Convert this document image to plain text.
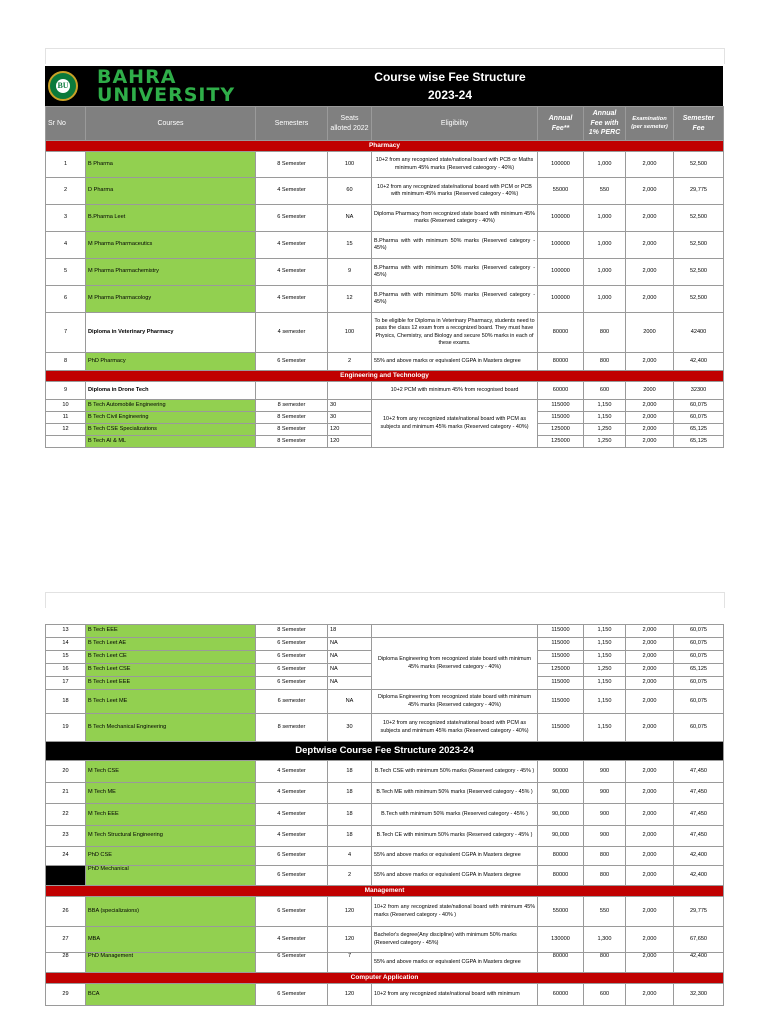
BU BAHRA
UNIVERSITY
Course wise Fee Structure
2023-24
Sr No	Courses	Semesters	Seats alloted 2022	Eligibility	Annual Fee**	Annual Fee with 1% PERC	Examination (per semeter)	Semester Fee
Pharmacy								
1	B Pharma	8 Semester	100	10+2 from any recognized state/national board with PCB or Maths minimum 45% marks (Reserved cateogory - 40%)	100000	1,000	2,000	52,500
2	D Pharma	4 Semester	60	10+2 from any recognized state/national board with PCM or PCB with minimum 45% marks (Reserved category - 40%)	55000	550	2,000	29,775
3	B.Pharma Leet	6 Semester	NA	Diploma Pharmacy from recognized state board with minimum 45% marks (Reserved category - 40%)	100000	1,000	2,000	52,500
4	M Pharma Pharmaceutics	4 Semester	15	B.Pharma with with minimum 50% marks (Reserved category - 45%)	100000	1,000	2,000	52,500
5	M Pharma Pharmachemistry	4 Semester	9	B.Pharma with with minimum 50% marks (Reserved category - 45%)	100000	1,000	2,000	52,500
6	M Pharma Pharmacology	4 Semester	12	B.Pharma with with minimum 50% marks (Reserved category - 45%)	100000	1,000	2,000	52,500
7	Diploma in Veterinary Pharmacy	4 semester	100	To be eligible for Diploma in Veterinary Pharmacy, students need to pass the class 12 exam from a recognized board. They must have Physics, Chemistry, and Biology and secure 50% marks in each of these exams.	80000	800	2000	42400
8	PhD Pharmacy	6 Semester	2	55% and above marks or equivalent CGPA in Masters degree	80000	800	2,000	42,400
Engineering and Technology								
9	Diploma in Drone Tech			10+2 PCM with minimum 45% from recognised board	60000	600	2000	32300
10	B Tech Automobile Engineering	8 semester	30	10+2 from any recognized state/national board with PCM as subjects and minimum 45% marks (Reserved category - 40%)	115000	1,150	2,000	60,075
11	B Tech Civil Engineering	8 Semester	30		115000	1,150	2,000	60,075
12	B Tech CSE Specializations	8 Semester	120		125000	1,250	2,000	65,125
	B Tech AI & ML	8 Semester	120		125000	1,250	2,000	65,125
13	B Tech EEE	8 Semester	18		115000	1,150	2,000	60,075
14	B Tech Leet AE	6 Semester	NA	Diploma Engineering from recognized state board with minimum 45% marks (Reserved category - 40%)	115000	1,150	2,000	60,075
15	B Tech Leet CE	6 Semester	NA		115000	1,150	2,000	60,075
16	B Tech Leet CSE	6 Semester	NA		125000	1,250	2,000	65,125
17	B Tech Leet EEE	6 Semester	NA		115000	1,150	2,000	60,075
18	B Tech Leet ME	6 semester	NA	Diploma Engineering from recognized state board with minimum 45% marks (Reserved category - 40%)	115000	1,150	2,000	60,075
19	B Tech Mechanical Engineering	8 semester	30	10+2 from any recognized state/national board with PCM as subjects and minimum 45% marks (Reserved category - 40%)	115000	1,150	2,000	60,075
Deptwise Course Fee Structure 2023-24								
20	M Tech CSE	4 Semester	18	B.Tech CSE with minimum 50% marks (Reserved category - 45% )	90000	900	2,000	47,450
21	M Tech ME	4 Semester	18	B.Tech ME with minimum 50% marks (Reserved category - 45% )	90,000	900	2,000	47,450
22	M Tech EEE	4 Semester	18	B.Tech with minimum 50% marks (Reserved category - 45% )	90,000	900	2,000	47,450
23	M Tech Structural Engineering	4 Semester	18	B.Tech CE with minimum 50% marks (Reserved category - 45% )	90,000	900	2,000	47,450
24	PhD CSE	6 Semester	4	55% and above marks or equivalent CGPA in Masters degree	80000	800	2,000	42,400
	PhD Mechanical	6 Semester	2	55% and above marks or equivalent CGPA in Masters degree	80000	800	2,000	42,400
Management								
26	BBA (specializaions)	6 Semester	120	10+2 from any recognized state/national board with minimum 45% marks (Reserved category - 40% )	55000	550	2,000	29,775
27	MBA	4 Semester	120	Bachelor's degree(Any discipline) with minimum 50% marks (Reserved category - 45%)	130000	1,300	2,000	67,650
28	PhD Management	6 Semester	7	55% and above marks or equivalent CGPA in Masters degree	80000	800	2,000	42,400
Computer Application								
29	BCA	6 Semester	120	10+2 from any recognized state/national board with minimum	60000	600	2,000	32,300
